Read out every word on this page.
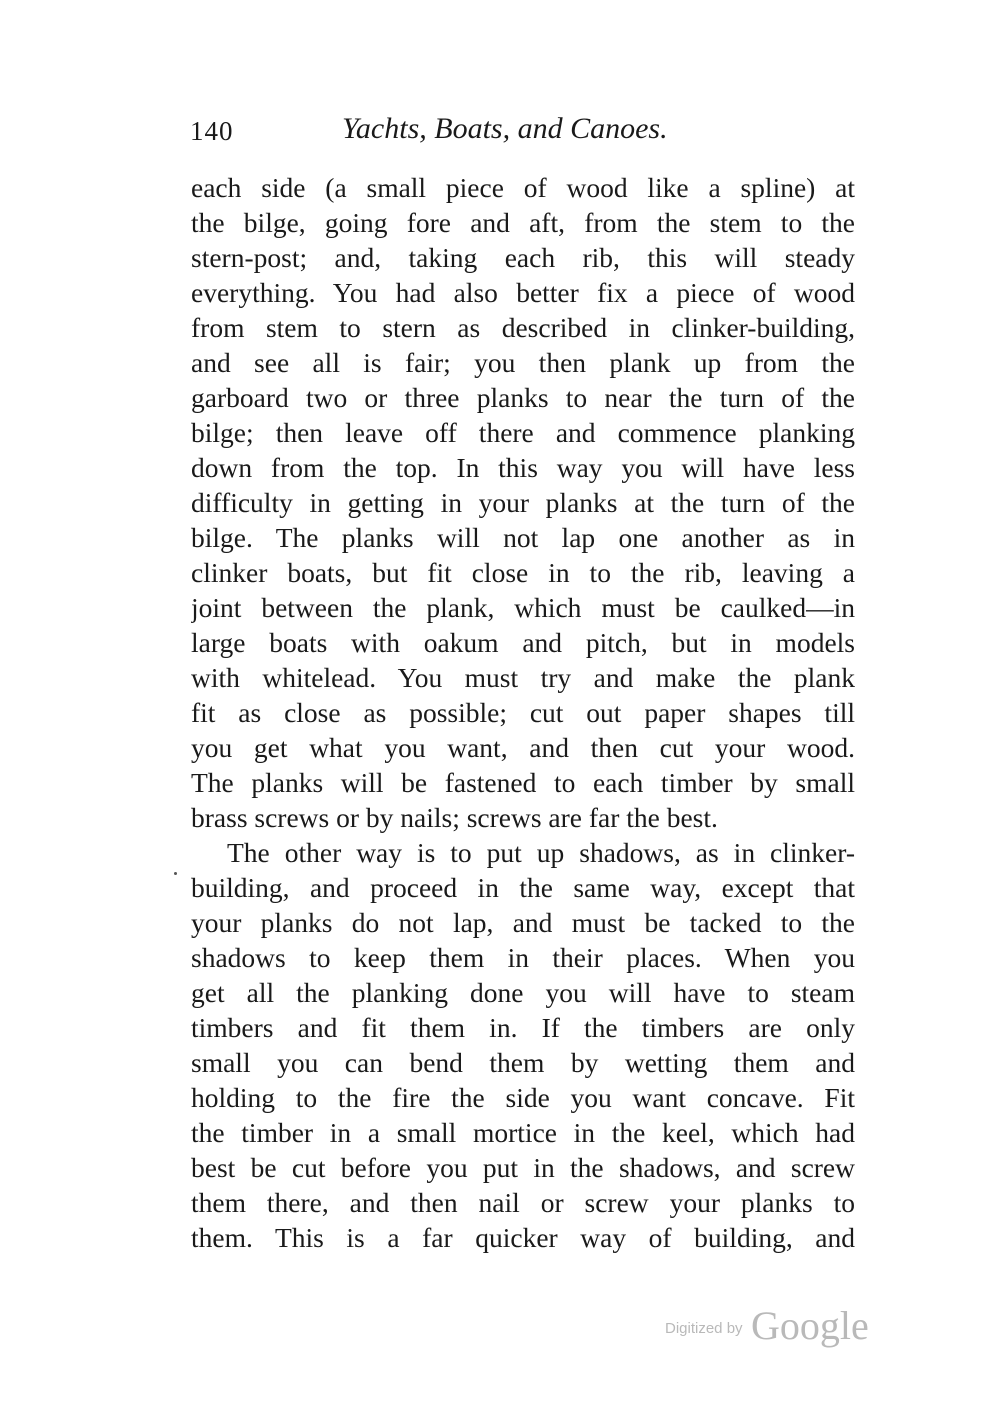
140	Yachts, Boats, and Canoes.
each side (a small piece of wood like a spline) at
the bilge, going fore and aft, from the stem to the
stern-post; and, taking each rib, this will steady
everything. You had also better fix a piece of wood
from stem to stern as described in clinker-building,
and see all is fair; you then plank up from the
garboard two or three planks to near the turn of the
bilge; then leave off there and commence planking
down from the top. In this way you will have less
difficulty in getting in your planks at the turn of the
bilge. The planks will not lap one another as in
clinker boats, but fit close in to the rib, leaving a
joint between the plank, which must be caulked—in
large boats with oakum and pitch, but in models
with whitelead. You must try and make the plank
fit as close as possible; cut out paper shapes till
you get what you want, and then cut your wood.
The planks will be fastened to each timber by small
brass screws or by nails; screws are far the best.
The other way is to put up shadows, as in clinker-
building, and proceed in the same way, except that
your planks do not lap, and must be tacked to the
shadows to keep them in their places. When you
get all the planking done you will have to steam
timbers and fit them in. If the timbers are only
small you can bend them by wetting them and
holding to the fire the side you want concave. Fit
the timber in a small mortice in the keel, which had
best be cut before you put in the shadows, and screw
them there, and then nail or screw your planks to
them. This is a far quicker way of building, and
Digitized by Google
